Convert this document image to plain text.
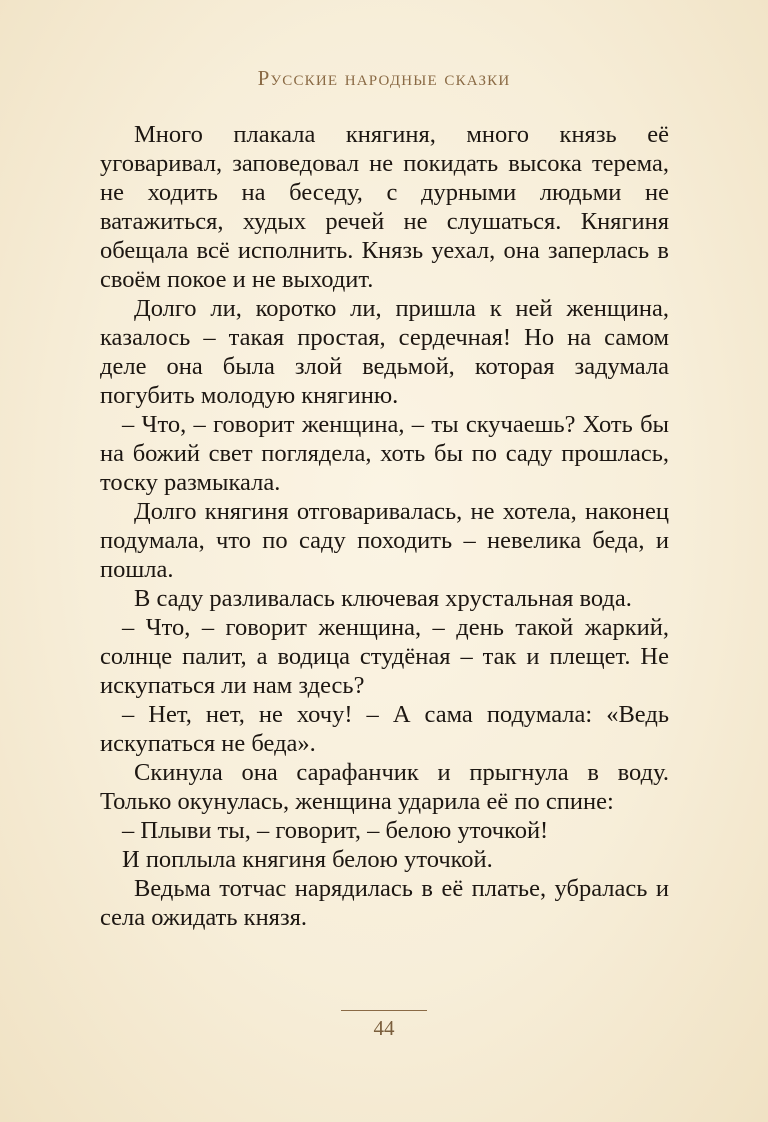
Русские народные сказки

Много плакала княгиня, много князь её уговаривал, заповедовал не покидать высока терема, не ходить на беседу, с дурными людьми не ватажиться, худых речей не слушаться. Княгиня обещала всё исполнить. Князь уехал, она заперлась в своём покое и не выходит.

Долго ли, коротко ли, пришла к ней женщина, казалось – такая простая, сердечная! Но на самом деле она была злой ведьмой, которая задумала погубить молодую княгиню.

– Что, – говорит женщина, – ты скучаешь? Хоть бы на божий свет поглядела, хоть бы по саду прошлась, тоску размыкала.

Долго княгиня отговаривалась, не хотела, наконец подумала, что по саду походить – невелика беда, и пошла.

В саду разливалась ключевая хрустальная вода.

– Что, – говорит женщина, – день такой жаркий, солнце палит, а водица студёная – так и плещет. Не искупаться ли нам здесь?

– Нет, нет, не хочу! – А сама подумала: «Ведь искупаться не беда».

Скинула она сарафанчик и прыгнула в воду. Только окунулась, женщина ударила её по спине:

– Плыви ты, – говорит, – белою уточкой!

И поплыла княгиня белою уточкой.

Ведьма тотчас нарядилась в её платье, убралась и села ожидать князя.

44
